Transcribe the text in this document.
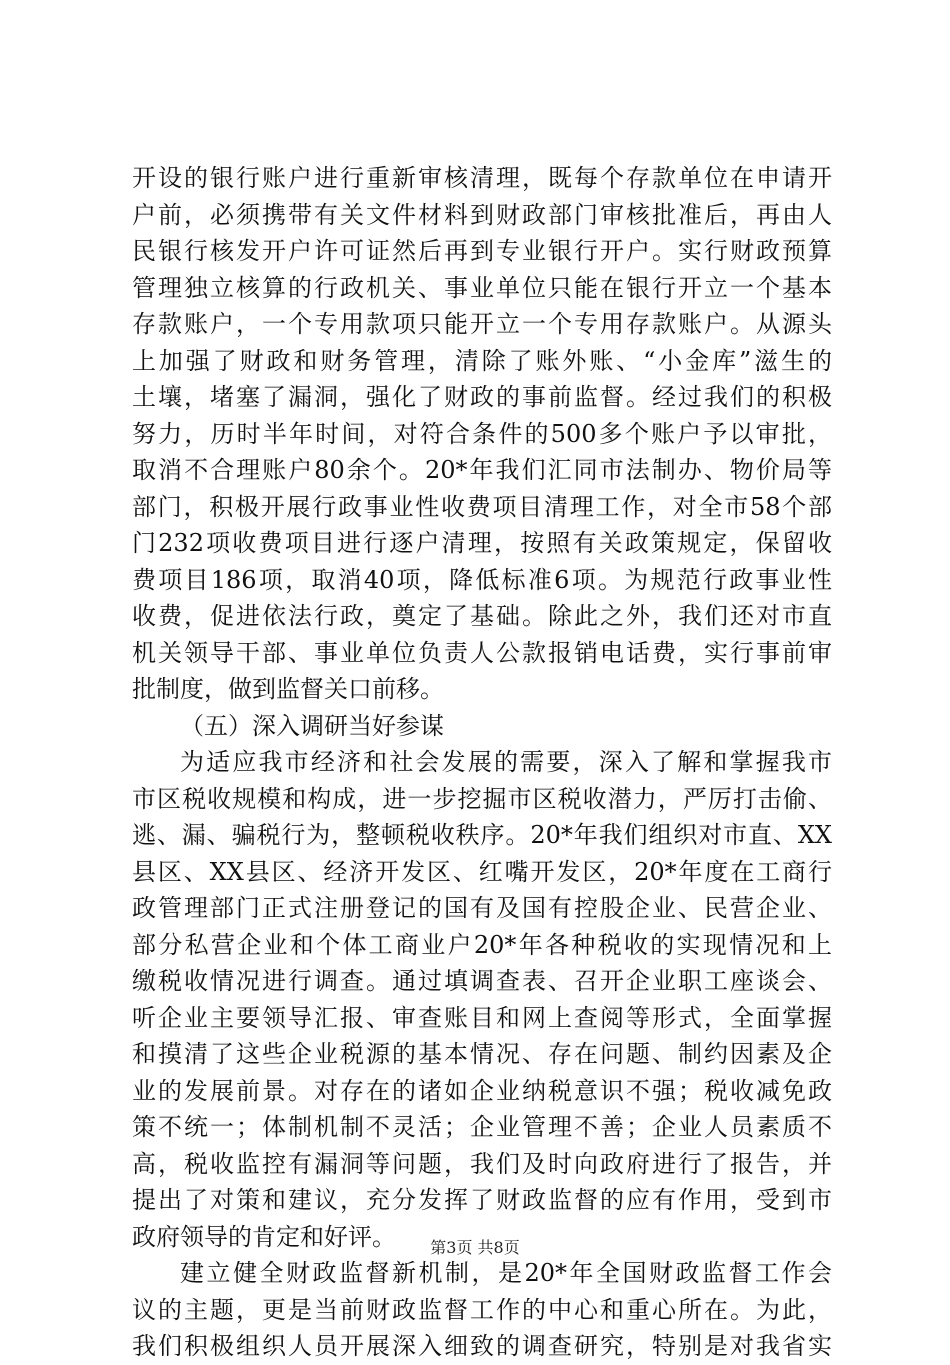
开设的银行账户进行重新审核清理，既每个存款单位在申请开
户前，必须携带有关文件材料到财政部门审核批准后，再由人
民银行核发开户许可证然后再到专业银行开户。实行财政预算
管理独立核算的行政机关、事业单位只能在银行开立一个基本
存款账户，一个专用款项只能开立一个专用存款账户。从源头
上加强了财政和财务管理，清除了账外账、“小金库”滋生的
土壤，堵塞了漏洞，强化了财政的事前监督。经过我们的积极
努力，历时半年时间，对符合条件的500多个账户予以审批，
取消不合理账户80余个。20*年我们汇同市法制办、物价局等
部门，积极开展行政事业性收费项目清理工作，对全市58个部
门232项收费项目进行逐户清理，按照有关政策规定，保留收
费项目186项，取消40项，降低标准6项。为规范行政事业性
收费，促进依法行政，奠定了基础。除此之外，我们还对市直
机关领导干部、事业单位负责人公款报销电话费，实行事前审
批制度，做到监督关口前移。
（五）深入调研当好参谋
为适应我市经济和社会发展的需要，深入了解和掌握我市
市区税收规模和构成，进一步挖掘市区税收潜力，严厉打击偷、
逃、漏、骗税行为，整顿税收秩序。20*年我们组织对市直、XX
县区、XX县区、经济开发区、红嘴开发区，20*年度在工商行
政管理部门正式注册登记的国有及国有控股企业、民营企业、
部分私营企业和个体工商业户20*年各种税收的实现情况和上
缴税收情况进行调查。通过填调查表、召开企业职工座谈会、
听企业主要领导汇报、审查账目和网上查阅等形式，全面掌握
和摸清了这些企业税源的基本情况、存在问题、制约因素及企
业的发展前景。对存在的诸如企业纳税意识不强；税收减免政
策不统一；体制机制不灵活；企业管理不善；企业人员素质不
高，税收监控有漏洞等问题，我们及时向政府进行了报告，并
提出了对策和建议，充分发挥了财政监督的应有作用，受到市
政府领导的肯定和好评。
建立健全财政监督新机制，是20*年全国财政监督工作会
议的主题，更是当前财政监督工作的中心和重心所在。为此，
我们积极组织人员开展深入细致的调查研究，特别是对我省实
第3页 共8页
